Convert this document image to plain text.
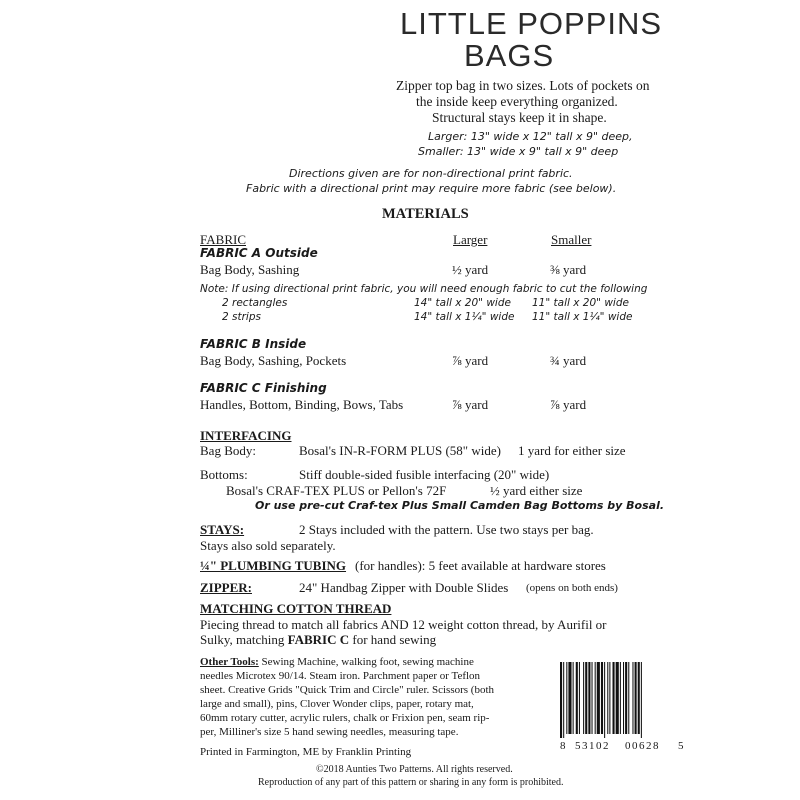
LITTLE POPPINS
BAGS
Zipper top bag in two sizes. Lots of pockets on
the inside keep everything organized.
Structural stays keep it in shape.
Larger: 13" wide x 12" tall x 9" deep,
Smaller: 13" wide x 9" tall x 9" deep
Directions given are for non-directional print fabric.
Fabric with a directional print may require more fabric (see below).
MATERIALS
FABRIC	Larger	Smaller
FABRIC A Outside
Bag Body, Sashing	½ yard	⅜ yard
Note: If using directional print fabric, you will need enough fabric to cut the following
2 rectangles	14" tall x 20" wide 11" tall x 20" wide
2 strips	14" tall x 1¼" wide 11" tall x 1¼" wide
FABRIC B Inside
Bag Body, Sashing, Pockets	⅞ yard	¾ yard
FABRIC C Finishing
Handles, Bottom, Binding, Bows, Tabs	⅞ yard	⅞ yard
INTERFACING
Bag Body:	Bosal's IN-R-FORM PLUS (58" wide) 1 yard for either size
Bottoms:	Stiff double-sided fusible interfacing (20" wide)
Bosal's CRAF-TEX PLUS or Pellon's 72F	½ yard either size
Or use pre-cut Craf-tex Plus Small Camden Bag Bottoms by Bosal.
STAYS:	2 Stays included with the pattern. Use two stays per bag.
Stays also sold separately.
¼" PLUMBING TUBING (for handles): 5 feet available at hardware stores
ZIPPER:	24" Handbag Zipper with Double Slides (opens on both ends)
MATCHING COTTON THREAD
Piecing thread to match all fabrics AND 12 weight cotton thread, by Aurifil or
Sulky, matching FABRIC C for hand sewing
Other Tools: Sewing Machine, walking foot, sewing machine
needles Microtex 90/14. Steam iron. Parchment paper or Teflon
sheet. Creative Grids "Quick Trim and Circle" ruler. Scissors (both
large and small), pins, Clover Wonder clips, paper, rotary mat,
60mm rotary cutter, acrylic rulers, chalk or Frixion pen, seam rip-
per, Milliner's size 5 hand sewing needles, measuring tape.
8 53102 00628 5
Printed in Farmington, ME by Franklin Printing
©2018 Aunties Two Patterns. All rights reserved.
Reproduction of any part of this pattern or sharing in any form is prohibited.
